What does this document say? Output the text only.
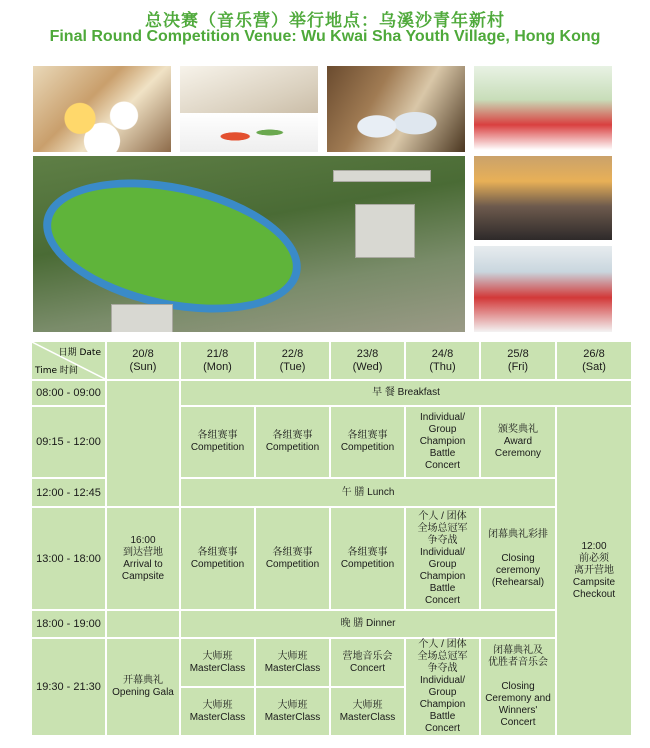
总决赛（音乐营）举行地点：乌溪沙青年新村
Final Round Competition Venue: Wu Kwai Sha Youth Village, Hong Kong
日期 Date
Time 时间
20/8
(Sun)
21/8
(Mon)
22/8
(Tue)
23/8
(Wed)
24/8
(Thu)
25/8
(Fri)
26/8
(Sat)
08:00 - 09:00
09:15 - 12:00
12:00 - 12:45
13:00 - 18:00
18:00 - 19:00
19:30 - 21:30
16:00
到达营地
Arrival to
Campsite
开幕典礼
Opening Gala
早 餐 Breakfast
午 膳 Lunch
晚 膳 Dinner
各组赛事
Competition
各组赛事
Competition
各组赛事
Competition
Individual/
Group
Champion Battle
Concert
颁奖典礼
Award
Ceremony
12:00
前必须
离开营地
Campsite
Checkout
各组赛事
Competition
各组赛事
Competition
各组赛事
Competition
个人 / 团体
全场总冠军
争夺战
Individual/
Group
Champion Battle
Concert
闭幕典礼彩排

Closing
ceremony
(Rehearsal)
大师班
MasterClass
大师班
MasterClass
大师班
MasterClass
大师班
MasterClass
营地音乐会
Concert
大师班
MasterClass
个人 / 团体
全场总冠军
争夺战
Individual/
Group
Champion Battle
Concert
闭幕典礼及
优胜者音乐会

Closing
Ceremony and
Winners'
Concert
